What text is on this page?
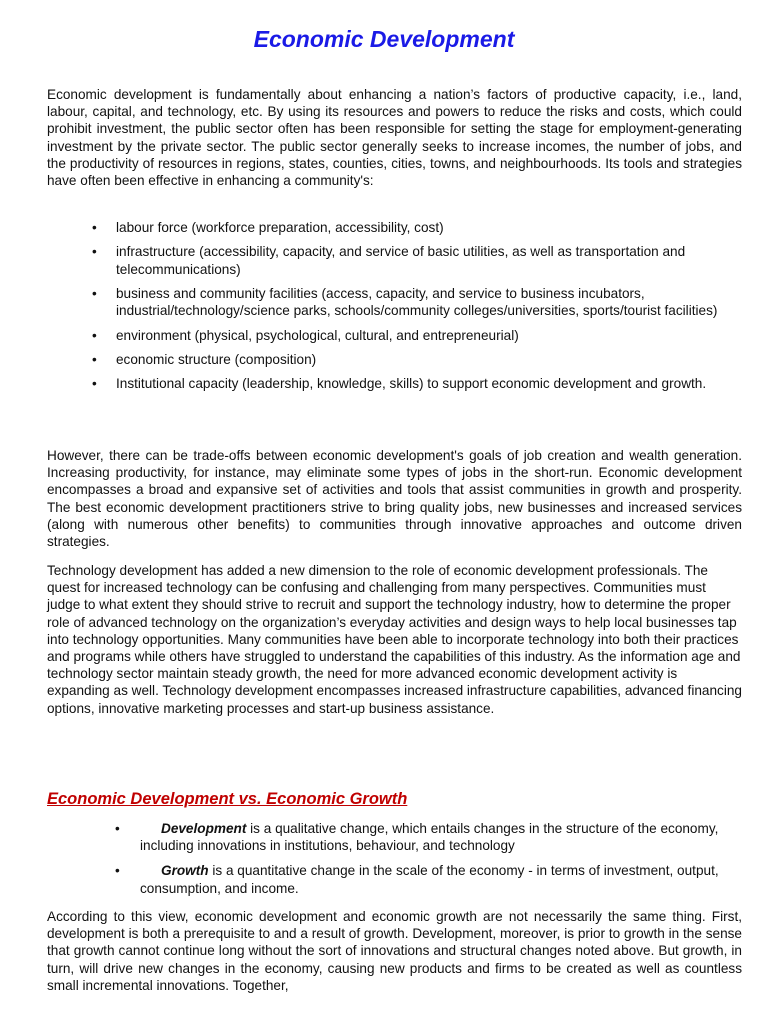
Economic Development

Economic development is fundamentally about enhancing a nation’s factors of productive capacity, i.e., land, labour, capital, and technology, etc. By using its resources and powers to reduce the risks and costs, which could prohibit investment, the public sector often has been responsible for setting the stage for employment-generating investment by the private sector. The public sector generally seeks to increase incomes, the number of jobs, and the productivity of resources in regions, states, counties, cities, towns, and neighbourhoods. Its tools and strategies have often been effective in enhancing a community's:

• labour force (workforce preparation, accessibility, cost)
• infrastructure (accessibility, capacity, and service of basic utilities, as well as transportation and telecommunications)
• business and community facilities (access, capacity, and service to business incubators, industrial/technology/science parks, schools/community colleges/universities, sports/tourist facilities)
• environment (physical, psychological, cultural, and entrepreneurial)
• economic structure (composition)
• Institutional capacity (leadership, knowledge, skills) to support economic development and growth.

However, there can be trade-offs between economic development's goals of job creation and wealth generation. Increasing productivity, for instance, may eliminate some types of jobs in the short-run. Economic development encompasses a broad and expansive set of activities and tools that assist communities in growth and prosperity. The best economic development practitioners strive to bring quality jobs, new businesses and increased services (along with numerous other benefits) to communities through innovative approaches and outcome driven strategies.

Technology development has added a new dimension to the role of economic development professionals. The quest for increased technology can be confusing and challenging from many perspectives. Communities must judge to what extent they should strive to recruit and support the technology industry, how to determine the proper role of advanced technology on the organization’s everyday activities and design ways to help local businesses tap into technology opportunities. Many communities have been able to incorporate technology into both their practices and programs while others have struggled to understand the capabilities of this industry. As the information age and technology sector maintain steady growth, the need for more advanced economic development activity is expanding as well. Technology development encompasses increased infrastructure capabilities, advanced financing options, innovative marketing processes and start-up business assistance.

Economic Development vs. Economic Growth
•	Development is a qualitative change, which entails changes in the structure of the economy, including innovations in institutions, behaviour, and technology
•	Growth is a quantitative change in the scale of the economy - in terms of investment, output, consumption, and income.

According to this view, economic development and economic growth are not necessarily the same thing. First, development is both a prerequisite to and a result of growth. Development, moreover, is prior to growth in the sense that growth cannot continue long without the sort of innovations and structural changes noted above. But growth, in turn, will drive new changes in the economy, causing new products and firms to be created as well as countless small incremental innovations. Together,
